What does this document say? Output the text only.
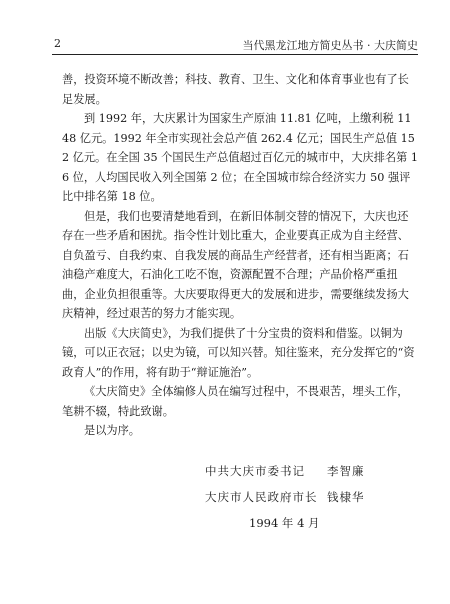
2	当代黑龙江地方简史丛书 · 大庆简史

善，投资环境不断改善；科技、教育、卫生、文化和体育事业也有了长足发展。

到 1992 年，大庆累计为国家生产原油 11.81 亿吨，上缴利税 1148 亿元。1992 年全市实现社会总产值 262.4 亿元；国民生产总值 152 亿元。在全国 35 个国民生产总值超过百亿元的城市中，大庆排名第 16 位，人均国民收入列全国第 2 位；在全国城市综合经济实力 50 强评比中排名第 18 位。

但是，我们也要清楚地看到，在新旧体制交替的情况下，大庆也还存在一些矛盾和困扰。指令性计划比重大，企业要真正成为自主经营、自负盈亏、自我约束、自我发展的商品生产经营者，还有相当距离；石油稳产难度大，石油化工吃不饱，资源配置不合理；产品价格严重扭曲，企业负担很重等。大庆要取得更大的发展和进步，需要继续发扬大庆精神，经过艰苦的努力才能实现。

出版《大庆简史》，为我们提供了十分宝贵的资料和借鉴。以铜为镜，可以正衣冠；以史为镜，可以知兴替。知往鉴来，充分发挥它的“资政育人”的作用，将有助于“辩证施治”。

《大庆简史》全体编修人员在编写过程中，不畏艰苦，埋头工作，笔耕不辍，特此致谢。

是以为序。

中共大庆市委书记 李智廉
大庆市人民政府市长 钱棣华
1994 年 4 月
